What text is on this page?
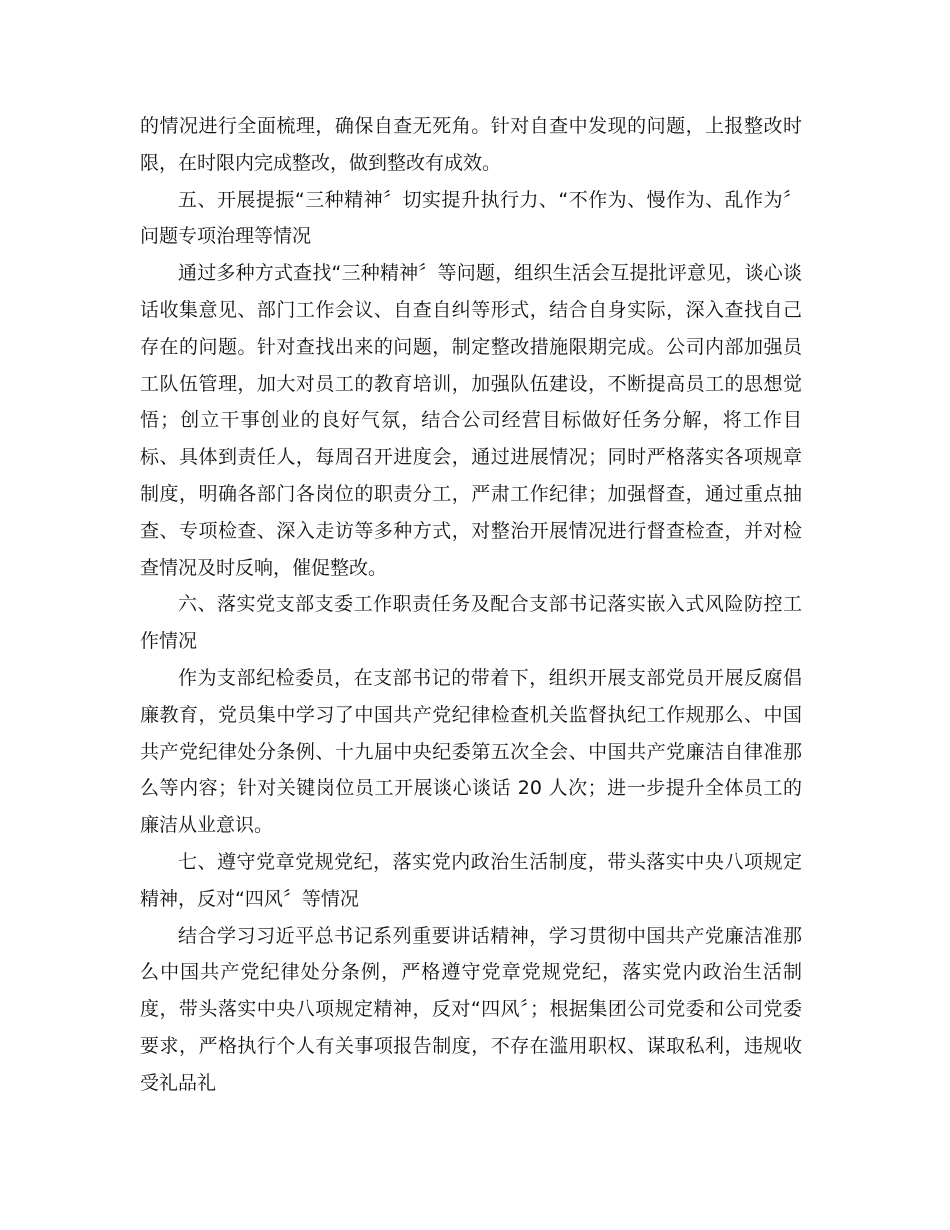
的情况进行全面梳理，确保自查无死角。针对自查中发现的问题，上报整改时限，在时限内完成整改，做到整改有成效。

五、开展提振“三种精神〞切实提升执行力、“不作为、慢作为、乱作为〞问题专项治理等情况

通过多种方式查找“三种精神〞等问题，组织生活会互提批评意见，谈心谈话收集意见、部门工作会议、自查自纠等形式，结合自身实际，深入查找自己存在的问题。针对查找出来的问题，制定整改措施限期完成。公司内部加强员工队伍管理，加大对员工的教育培训，加强队伍建设，不断提高员工的思想觉悟；创立干事创业的良好气氛，结合公司经营目标做好任务分解，将工作目标、具体到责任人，每周召开进度会，通过进展情况；同时严格落实各项规章制度，明确各部门各岗位的职责分工，严肃工作纪律；加强督查，通过重点抽查、专项检查、深入走访等多种方式，对整治开展情况进行督查检查，并对检查情况及时反响，催促整改。

六、落实党支部支委工作职责任务及配合支部书记落实嵌入式风险防控工作情况

作为支部纪检委员，在支部书记的带着下，组织开展支部党员开展反腐倡廉教育，党员集中学习了中国共产党纪律检查机关监督执纪工作规那么、中国共产党纪律处分条例、十九届中央纪委第五次全会、中国共产党廉洁自律准那么等内容；针对关键岗位员工开展谈心谈话 20 人次；进一步提升全体员工的廉洁从业意识。

七、遵守党章党规党纪，落实党内政治生活制度，带头落实中央八项规定精神，反对“四风〞等情况

结合学习习近平总书记系列重要讲话精神，学习贯彻中国共产党廉洁准那么中国共产党纪律处分条例，严格遵守党章党规党纪，落实党内政治生活制度，带头落实中央八项规定精神，反对“四风〞；根据集团公司党委和公司党委要求，严格执行个人有关事项报告制度，不存在滥用职权、谋取私利，违规收受礼品礼
